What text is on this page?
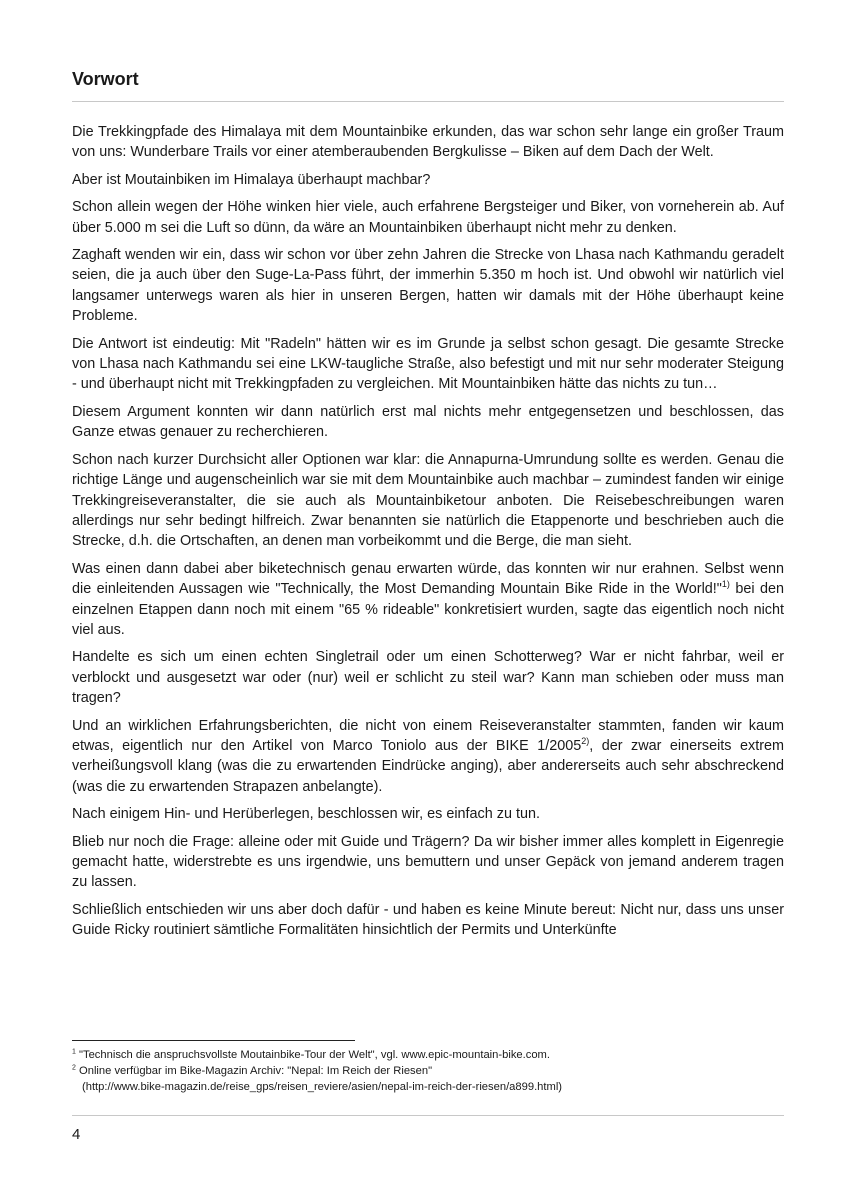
Vorwort

Die Trekkingpfade des Himalaya mit dem Mountainbike erkunden, das war schon sehr lange ein großer Traum von uns: Wunderbare Trails vor einer atemberaubenden Bergkulisse – Biken auf dem Dach der Welt.

Aber ist Moutainbiken im Himalaya überhaupt machbar?

Schon allein wegen der Höhe winken hier viele, auch erfahrene Bergsteiger und Biker, von vorneherein ab. Auf über 5.000 m sei die Luft so dünn, da wäre an Mountainbiken überhaupt nicht mehr zu denken.

Zaghaft wenden wir ein, dass wir schon vor über zehn Jahren die Strecke von Lhasa nach Kathmandu geradelt seien, die ja auch über den Suge-La-Pass führt, der immerhin 5.350 m hoch ist. Und obwohl wir natürlich viel langsamer unterwegs waren als hier in unseren Bergen, hatten wir damals mit der Höhe überhaupt keine Probleme.

Die Antwort ist eindeutig: Mit "Radeln" hätten wir es im Grunde ja selbst schon gesagt. Die gesamte Strecke von Lhasa nach Kathmandu sei eine LKW-taugliche Straße, also befestigt und mit nur sehr moderater Steigung - und überhaupt nicht mit Trekkingpfaden zu vergleichen. Mit Mountainbiken hätte das nichts zu tun…

Diesem Argument konnten wir dann natürlich erst mal nichts mehr entgegensetzen und beschlossen, das Ganze etwas genauer zu recherchieren.

Schon nach kurzer Durchsicht aller Optionen war klar: die Annapurna-Umrundung sollte es werden. Genau die richtige Länge und augenscheinlich war sie mit dem Mountainbike auch machbar – zumindest fanden wir einige Trekkingreiseveranstalter, die sie auch als Mountainbiketour anboten. Die Reisebeschreibungen waren allerdings nur sehr bedingt hilfreich. Zwar benannten sie natürlich die Etappenorte und beschrieben auch die Strecke, d.h. die Ortschaften, an denen man vorbeikommt und die Berge, die man sieht.

Was einen dann dabei aber biketechnisch genau erwarten würde, das konnten wir nur erahnen. Selbst wenn die einleitenden Aussagen wie "Technically, the Most Demanding Mountain Bike Ride in the World!"$^{1)}$ bei den einzelnen Etappen dann noch mit einem "65 % rideable" konkretisiert wurden, sagte das eigentlich noch nicht viel aus.

Handelte es sich um einen echten Singletrail oder um einen Schotterweg? War er nicht fahrbar, weil er verblockt und ausgesetzt war oder (nur) weil er schlicht zu steil war? Kann man schieben oder muss man tragen?

Und an wirklichen Erfahrungsberichten, die nicht von einem Reiseveranstalter stammten, fanden wir kaum etwas, eigentlich nur den Artikel von Marco Toniolo aus der BIKE 1/2005$^{2)}$, der zwar einerseits extrem verheißungsvoll klang (was die zu erwartenden Eindrücke anging), aber andererseits auch sehr abschreckend (was die zu erwartenden Strapazen anbelangte).

Nach einigem Hin- und Herüberlegen, beschlossen wir, es einfach zu tun.

Blieb nur noch die Frage: alleine oder mit Guide und Trägern? Da wir bisher immer alles komplett in Eigenregie gemacht hatte, widerstrebte es uns irgendwie, uns bemuttern und unser Gepäck von jemand anderem tragen zu lassen.

Schließlich entschieden wir uns aber doch dafür - und haben es keine Minute bereut: Nicht nur, dass uns unser Guide Ricky routiniert sämtliche Formalitäten hinsichtlich der Permits und Unterkünfte

$^1$ "Technisch die anspruchsvollste Moutainbike-Tour der Welt", vgl. www.epic-mountain-bike.com.

$^2$ Online verfügbar im Bike-Magazin Archiv: "Nepal: Im Reich der Riesen"

(http://www.bike-magazin.de/reise_gps/reisen_reviere/asien/nepal-im-reich-der-riesen/a899.html)

4
